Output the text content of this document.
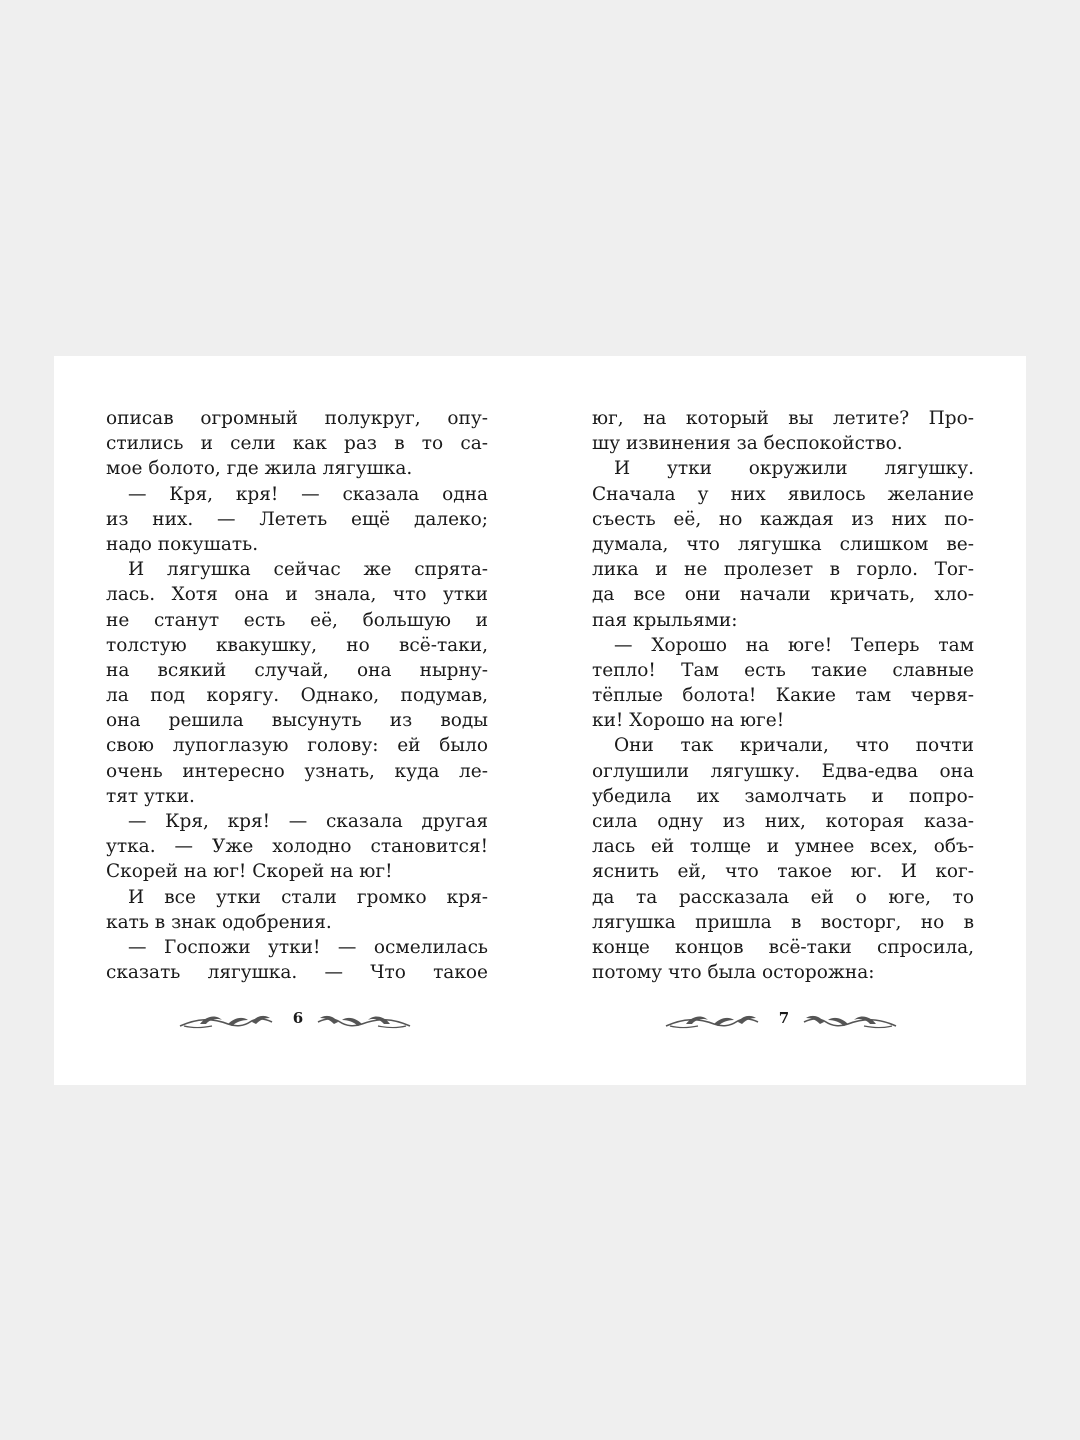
описав огромный полукруг, опу-
стились и сели как раз в то са-
мое болото, где жила лягушка.
— Кря, кря! — сказала одна
из них. — Лететь ещё далеко;
надо покушать.
И лягушка сейчас же спрята-
лась. Хотя она и знала, что утки
не станут есть её, большую и
толстую квакушку, но всё-таки,
на всякий случай, она нырну-
ла под корягу. Однако, подумав,
она решила высунуть из воды
свою лупоглазую голову: ей было
очень интересно узнать, куда ле-
тят утки.
— Кря, кря! — сказала другая
утка. — Уже холодно становится!
Скорей на юг! Скорей на юг!
И все утки стали громко кря-
кать в знак одобрения.
— Госпожи утки! — осмелилась
сказать лягушка. — Что такое
юг, на который вы летите? Про-
шу извинения за беспокойство.
И утки окружили лягушку.
Сначала у них явилось желание
съесть её, но каждая из них по-
думала, что лягушка слишком ве-
лика и не пролезет в горло. Тог-
да все они начали кричать, хло-
пая крыльями:
— Хорошо на юге! Теперь там
тепло! Там есть такие славные
тёплые болота! Какие там червя-
ки! Хорошо на юге!
Они так кричали, что почти
оглушили лягушку. Едва-едва она
убедила их замолчать и попро-
сила одну из них, которая каза-
лась ей толще и умнее всех, объ-
яснить ей, что такое юг. И ког-
да та рассказала ей о юге, то
лягушка пришла в восторг, но в
конце концов всё-таки спросила,
потому что была осторожна:
6	7
